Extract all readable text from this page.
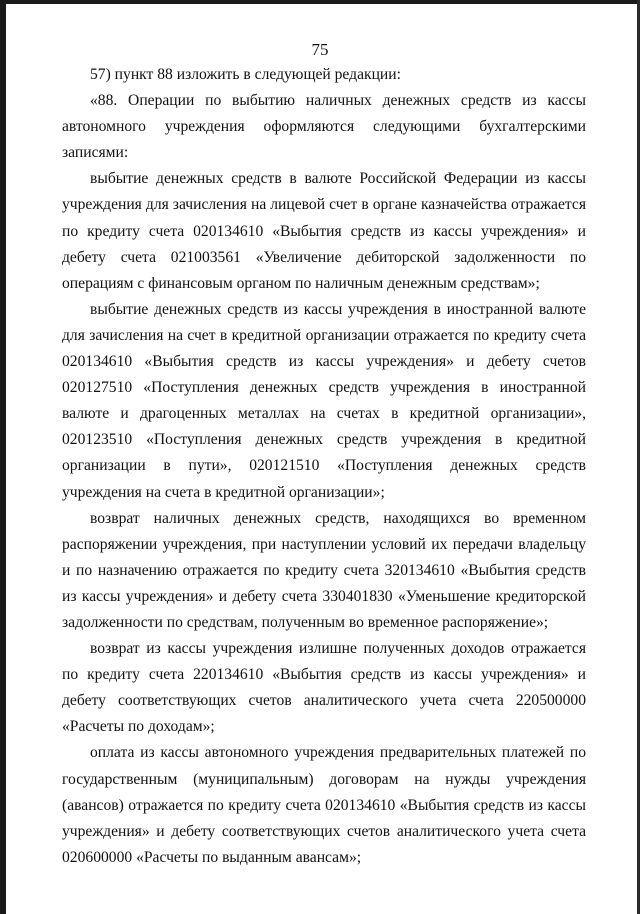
75

57) пункт 88 изложить в следующей редакции:

«88. Операции по выбытию наличных денежных средств из кассы автономного учреждения оформляются следующими бухгалтерскими записями:

выбытие денежных средств в валюте Российской Федерации из кассы учреждения для зачисления на лицевой счет в органе казначейства отражается по кредиту счета 020134610 «Выбытия средств из кассы учреждения» и дебету счета 021003561 «Увеличение дебиторской задолженности по операциям с финансовым органом по наличным денежным средствам»;

выбытие денежных средств из кассы учреждения в иностранной валюте для зачисления на счет в кредитной организации отражается по кредиту счета 020134610 «Выбытия средств из кассы учреждения» и дебету счетов 020127510 «Поступления денежных средств учреждения в иностранной валюте и драгоценных металлах на счетах в кредитной организации», 020123510 «Поступления денежных средств учреждения в кредитной организации в пути», 020121510 «Поступления денежных средств учреждения на счета в кредитной организации»;

возврат наличных денежных средств, находящихся во временном распоряжении учреждения, при наступлении условий их передачи владельцу и по назначению отражается по кредиту счета 320134610 «Выбытия средств из кассы учреждения» и дебету счета 330401830 «Уменьшение кредиторской задолженности по средствам, полученным во временное распоряжение»;

возврат из кассы учреждения излишне полученных доходов отражается по кредиту счета 220134610 «Выбытия средств из кассы учреждения» и дебету соответствующих счетов аналитического учета счета 220500000 «Расчеты по доходам»;

оплата из кассы автономного учреждения предварительных платежей по государственным (муниципальным) договорам на нужды учреждения (авансов) отражается по кредиту счета 020134610 «Выбытия средств из кассы учреждения» и дебету соответствующих счетов аналитического учета счета 020600000 «Расчеты по выданным авансам»;
